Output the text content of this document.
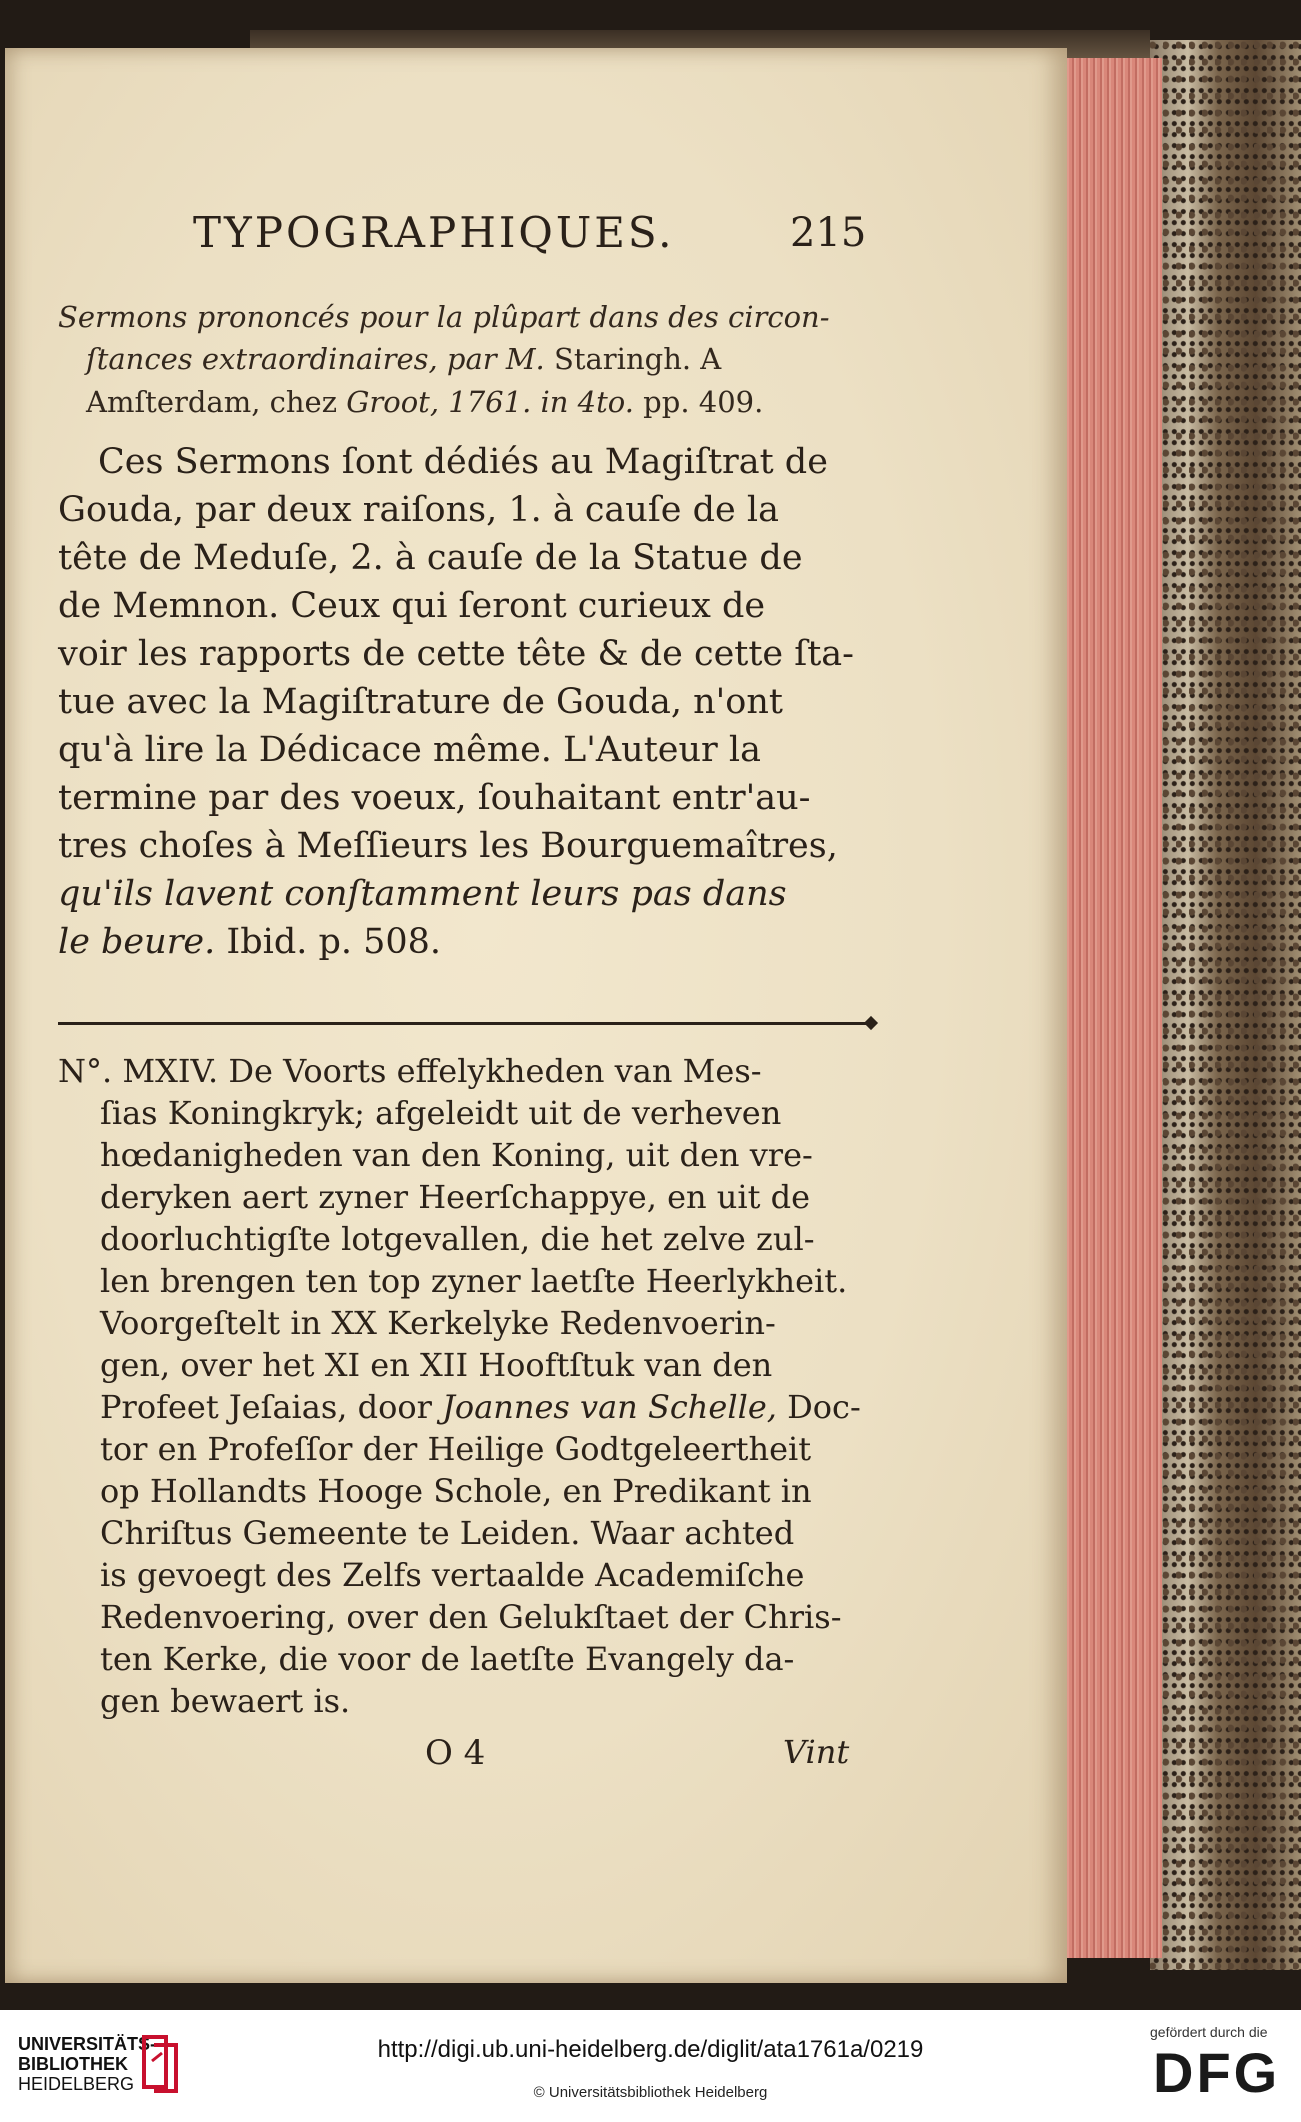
TYPOGRAPHIQUES.	215
Sermons prononcés pour la plûpart dans des circon-
ſtances extraordinaires, par M. Staringh. A
Amſterdam, chez Groot, 1761. in 4to. pp. 409.
Ces Sermons ſont dédiés au Magiſtrat de
Gouda, par deux raiſons, 1. à cauſe de la
tête de Meduſe, 2. à cauſe de la Statue de
de Memnon. Ceux qui ſeront curieux de
voir les rapports de cette tête & de cette ſta-
tue avec la Magiſtrature de Gouda, n'ont
qu'à lire la Dédicace même. L'Auteur la
termine par des voeux, ſouhaitant entr'au-
tres choſes à Meſſieurs les Bourguemaîtres,
qu'ils lavent conſtamment leurs pas dans
le beure. Ibid. p. 508.
N°. MXIV. De Voorts effelykheden van Mes-
ſias Koningkryk; afgeleidt uit de verheven
hœdanigheden van den Koning, uit den vre-
deryken aert zyner Heerſchappye, en uit de
doorluchtigſte lotgevallen, die het zelve zul-
len brengen ten top zyner laetſte Heerlykheit.
Voorgeſtelt in XX Kerkelyke Redenvoerin-
gen, over het XI en XII Hooftſtuk van den
Profeet Jeſaias, door Joannes van Schelle, Doc-
tor en Profeſſor der Heilige Godtgeleertheit
op Hollandts Hooge Schole, en Predikant in
Chriſtus Gemeente te Leiden. Waar achted
is gevoegt des Zelfs vertaalde Academiſche
Redenvoering, over den Gelukſtaet der Chris-
ten Kerke, die voor de laetſte Evangely da-
gen bewaert is.
O 4	Vint
UNIVERSITÄTS-
BIBLIOTHEK
HEIDELBERG
http://digi.ub.uni-heidelberg.de/diglit/ata1761a/0219
© Universitätsbibliothek Heidelberg
gefördert durch die
DFG
